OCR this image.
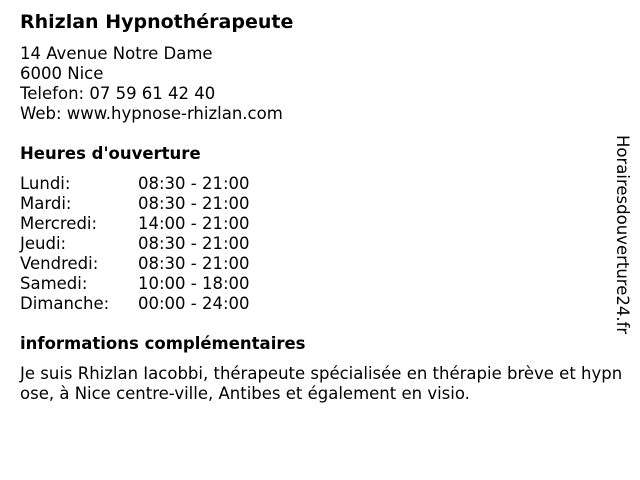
Rhizlan Hypnothérapeute
14 Avenue Notre Dame
6000 Nice
Telefon: 07 59 61 42 40
Web: www.hypnose-rhizlan.com
Heures d'ouverture
Lundi:	08:30 - 21:00
Mardi:	08:30 - 21:00
Mercredi:	14:00 - 21:00
Jeudi:	08:30 - 21:00
Vendredi:	08:30 - 21:00
Samedi:	10:00 - 18:00
Dimanche:	00:00 - 24:00
informations complémentaires
Je suis Rhizlan Iacobbi, thérapeute spécialisée en thérapie brève et hypnose, à Nice centre-ville, Antibes et également en visio.
Horairesdouverture24.fr
